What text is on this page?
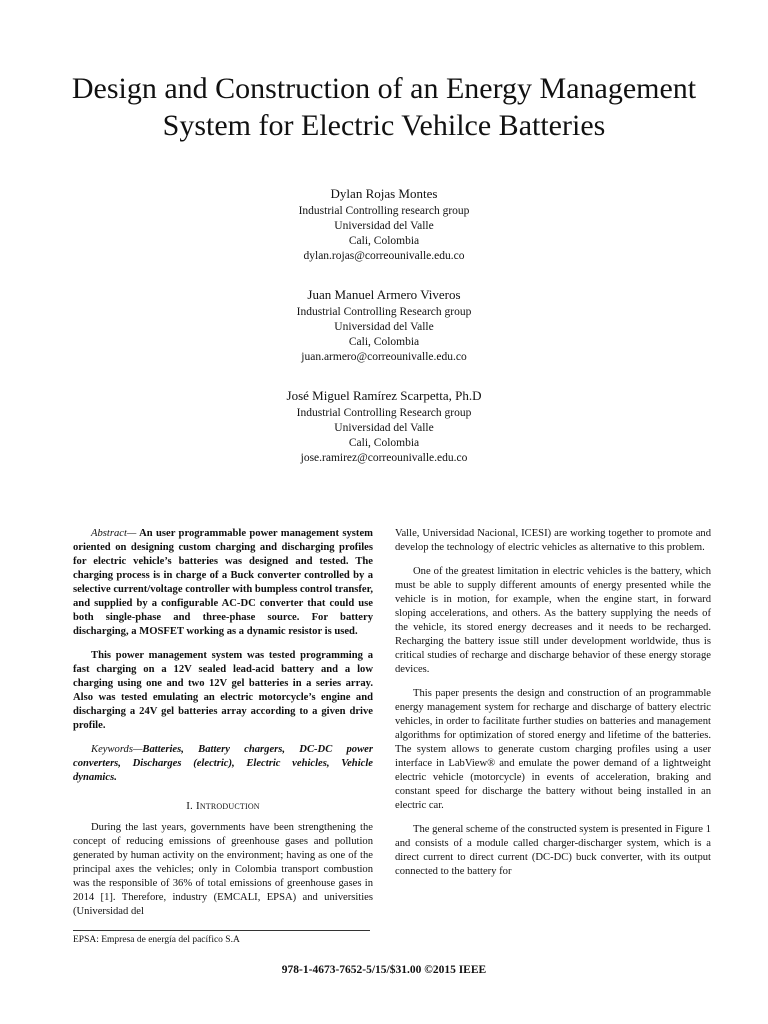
Design and Construction of an Energy Management System for Electric Vehilce Batteries
Dylan Rojas Montes
Industrial Controlling research group
Universidad del Valle
Cali, Colombia
dylan.rojas@correounivalle.edu.co
Juan Manuel Armero Viveros
Industrial Controlling Research group
Universidad del Valle
Cali, Colombia
juan.armero@correounivalle.edu.co
José Miguel Ramírez Scarpetta, Ph.D
Industrial Controlling Research group
Universidad del Valle
Cali, Colombia
jose.ramirez@correounivalle.edu.co

Abstract— An user programmable power management system oriented on designing custom charging and discharging profiles for electric vehicle’s batteries was designed and tested. The charging process is in charge of a Buck converter controlled by a selective current/voltage controller with bumpless control transfer, and supplied by a configurable AC-DC converter that could use both single-phase and three-phase source. For battery discharging, a MOSFET working as a dynamic resistor is used.

This power management system was tested programming a fast charging on a 12V sealed lead-acid battery and a low charging using one and two 12V gel batteries in a series array. Also was tested emulating an electric motorcycle’s engine and discharging a 24V gel batteries array according to a given drive profile.

Keywords—Batteries, Battery chargers, DC-DC power converters, Discharges (electric), Electric vehicles, Vehicle dynamics.

I. Introduction

During the last years, governments have been strengthening the concept of reducing emissions of greenhouse gases and pollution generated by human activity on the environment; having as one of the principal axes the vehicles; only in Colombia transport combustion was the responsible of 36% of total emissions of greenhouse gases in 2014 [1]. Therefore, industry (EMCALI, EPSA) and universities (Universidad del

Valle, Universidad Nacional, ICESI) are working together to promote and develop the technology of electric vehicles as alternative to this problem.

One of the greatest limitation in electric vehicles is the battery, which must be able to supply different amounts of energy presented while the vehicle is in motion, for example, when the engine start, in forward sloping accelerations, and others. As the battery supplying the needs of the vehicle, its stored energy decreases and it needs to be recharged. Recharging the battery issue still under development worldwide, thus is critical studies of recharge and discharge behavior of these energy storage devices.

This paper presents the design and construction of an programmable energy management system for recharge and discharge of battery electric vehicles, in order to facilitate further studies on batteries and management algorithms for optimization of stored energy and lifetime of the batteries. The system allows to generate custom charging profiles using a user interface in LabView® and emulate the power demand of a lightweight electric vehicle (motorcycle) in events of acceleration, braking and constant speed for discharge the battery without being installed in an electric car.

The general scheme of the constructed system is presented in Figure 1 and consists of a module called charger-discharger system, which is a direct current to direct current (DC-DC) buck converter, with its output connected to the battery for

EPSA: Empresa de energía del pacífico S.A
978-1-4673-7652-5/15/$31.00 ©2015 IEEE
